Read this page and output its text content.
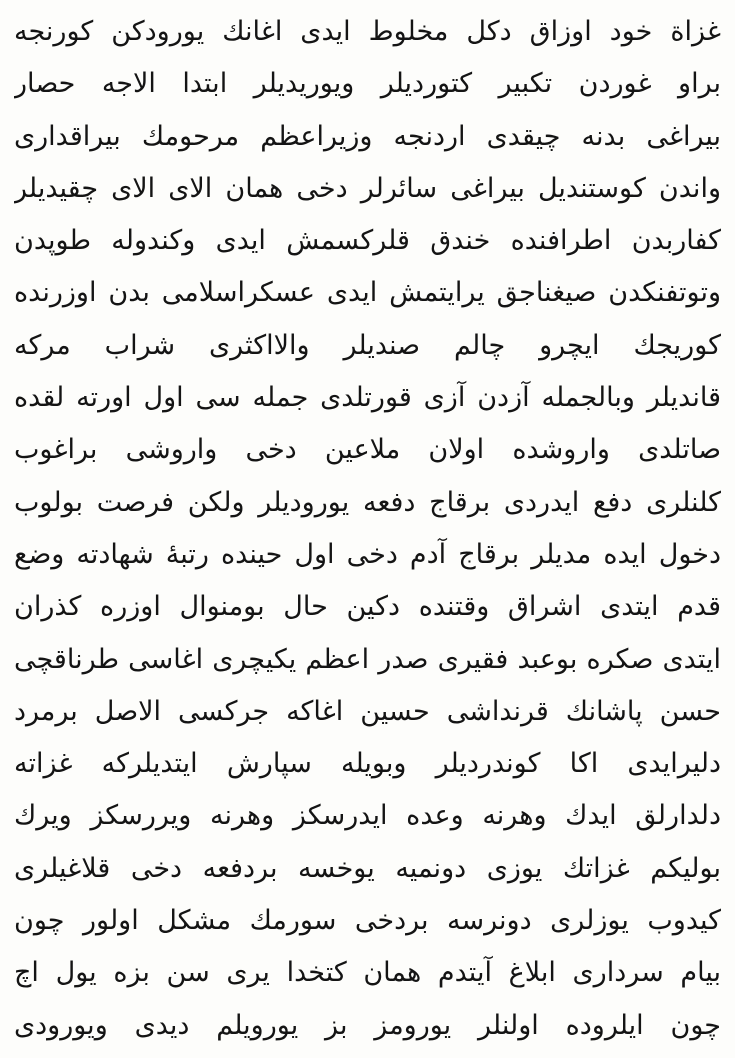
غزاة خود اوزاق دكل مخلوط ايدى اغانك يورودكن كورنجه
براو غوردن تكبير كتوردیلر ويوريدیلر ابتدا الاجه حصار
بيراغى بدنه چيقدى اردنجه وزيراعظم مرحومك بيراقدارى
واندن كوستنديل بيراغى سائرلر دخى همان الاى الاى چقيديلر
كفاربدن اطرافنده خندق قلركسمش ايدى وكندوله طوپدن
وتوتفنكدن صيغناجق يرايتمش ايدى عسكراسلامى بدن اوزرنده
كوريجك ايچرو چالم صنديلر والااكثرى شراب مركه
قانديلر وبالجمله آزدن آزى قورتلدى جمله سى اول اورته لقده
صاتلدى واروشده اولان ملاعين دخى واروشى براغوب
كلنلرى دفع ايدردى برقاج دفعه يوروديلر ولكن فرصت بولوب
دخول ايده مديلر برقاج آدم دخى اول حينده رتبهٔ شهادته وضع
قدم ايتدى اشراق وقتنده دكين حال بومنوال اوزره كذران
ايتدى صكره بوعبد فقيرى صدر اعظم يكيچرى اغاسى طرناقچى
حسن پاشانك قرنداشى حسين اغاكه جركسى الاصل برمرد
دليرايدى اكا كوندرديلر وبويله سپارش ايتديلركه غزاته
دلدارلق ايدك وهرنه وعده ايدرسكز وهرنه ويررسكز ويرك
بوليكم غزاتك يوزى دونمیه يوخسه بردفعه دخى قلاغيلرى
كيدوب يوزلرى دونرسه بردخى سورمك مشكل اولور چون
بيام سردارى ابلاغ آيتدم همان كتخدا يرى سن بزه يول اچ
چون ايلروده اولنلر يورومز بز يورويلم ديدى ويورودى
